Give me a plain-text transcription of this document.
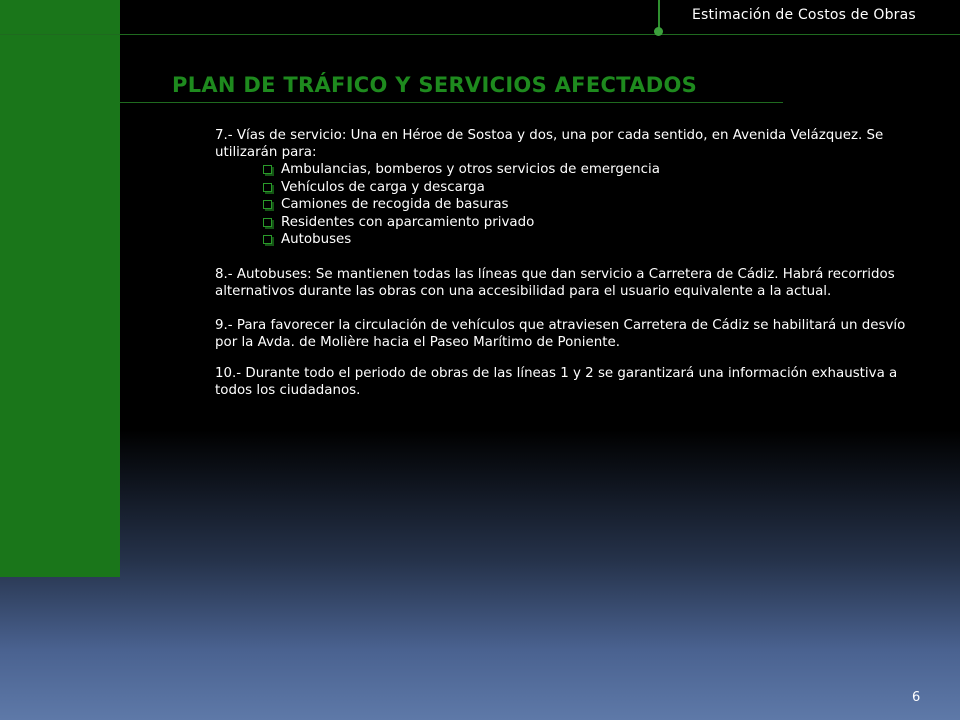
Estimación de Costos de Obras
PLAN DE TRÁFICO Y SERVICIOS AFECTADOS

7.- Vías de servicio: Una en Héroe de Sostoa y dos, una por cada sentido, en Avenida Velázquez. Se utilizarán para:

Ambulancias, bomberos y otros servicios de emergencia
Vehículos de carga y descarga
Camiones de recogida de basuras
Residentes con aparcamiento privado
Autobuses

8.- Autobuses: Se mantienen todas las líneas que dan servicio a Carretera de Cádiz. Habrá recorridos alternativos durante las obras con una accesibilidad para el usuario equivalente a la actual.

9.- Para favorecer la circulación de vehículos que atraviesen Carretera de Cádiz se habilitará un desvío por la Avda. de Molière hacia el Paseo Marítimo de Poniente.

10.- Durante todo el periodo de obras de las líneas 1 y 2 se garantizará una información exhaustiva a todos los ciudadanos.

6
